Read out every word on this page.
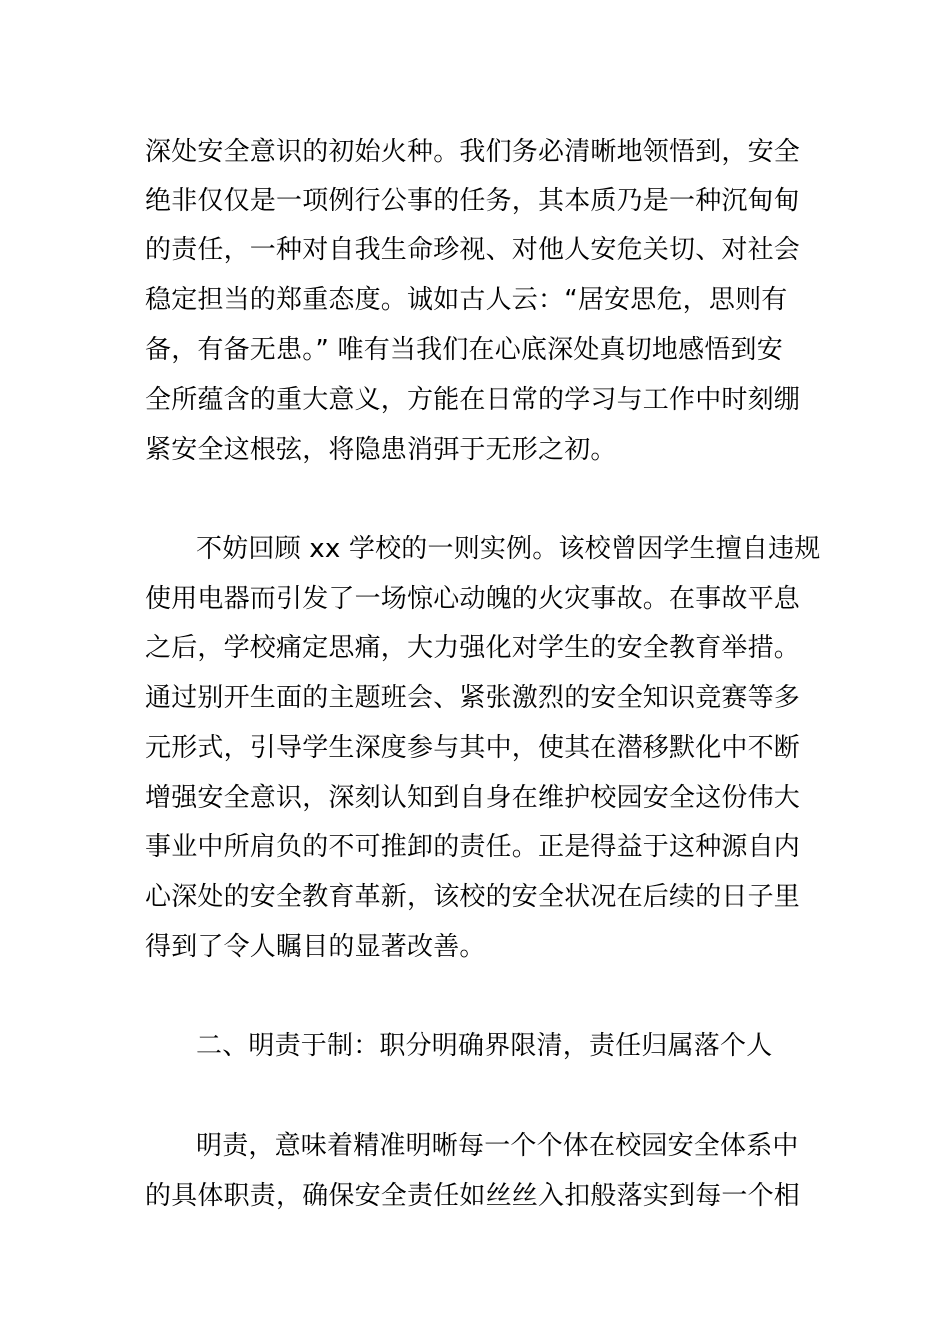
深处安全意识的初始火种。我们务必清晰地领悟到，安全
绝非仅仅是一项例行公事的任务，其本质乃是一种沉甸甸
的责任，一种对自我生命珍视、对他人安危关切、对社会
稳定担当的郑重态度。诚如古人云：“居安思危，思则有
备，有备无患。” 唯有当我们在心底深处真切地感悟到安
全所蕴含的重大意义，方能在日常的学习与工作中时刻绷
紧安全这根弦，将隐患消弭于无形之初。
不妨回顾 xx 学校的一则实例。该校曾因学生擅自违规
使用电器而引发了一场惊心动魄的火灾事故。在事故平息
之后，学校痛定思痛，大力强化对学生的安全教育举措。
通过别开生面的主题班会、紧张激烈的安全知识竞赛等多
元形式，引导学生深度参与其中，使其在潜移默化中不断
增强安全意识，深刻认知到自身在维护校园安全这份伟大
事业中所肩负的不可推卸的责任。正是得益于这种源自内
心深处的安全教育革新，该校的安全状况在后续的日子里
得到了令人瞩目的显著改善。
二、明责于制：职分明确界限清，责任归属落个人
明责，意味着精准明晰每一个个体在校园安全体系中
的具体职责，确保安全责任如丝丝入扣般落实到每一个相
